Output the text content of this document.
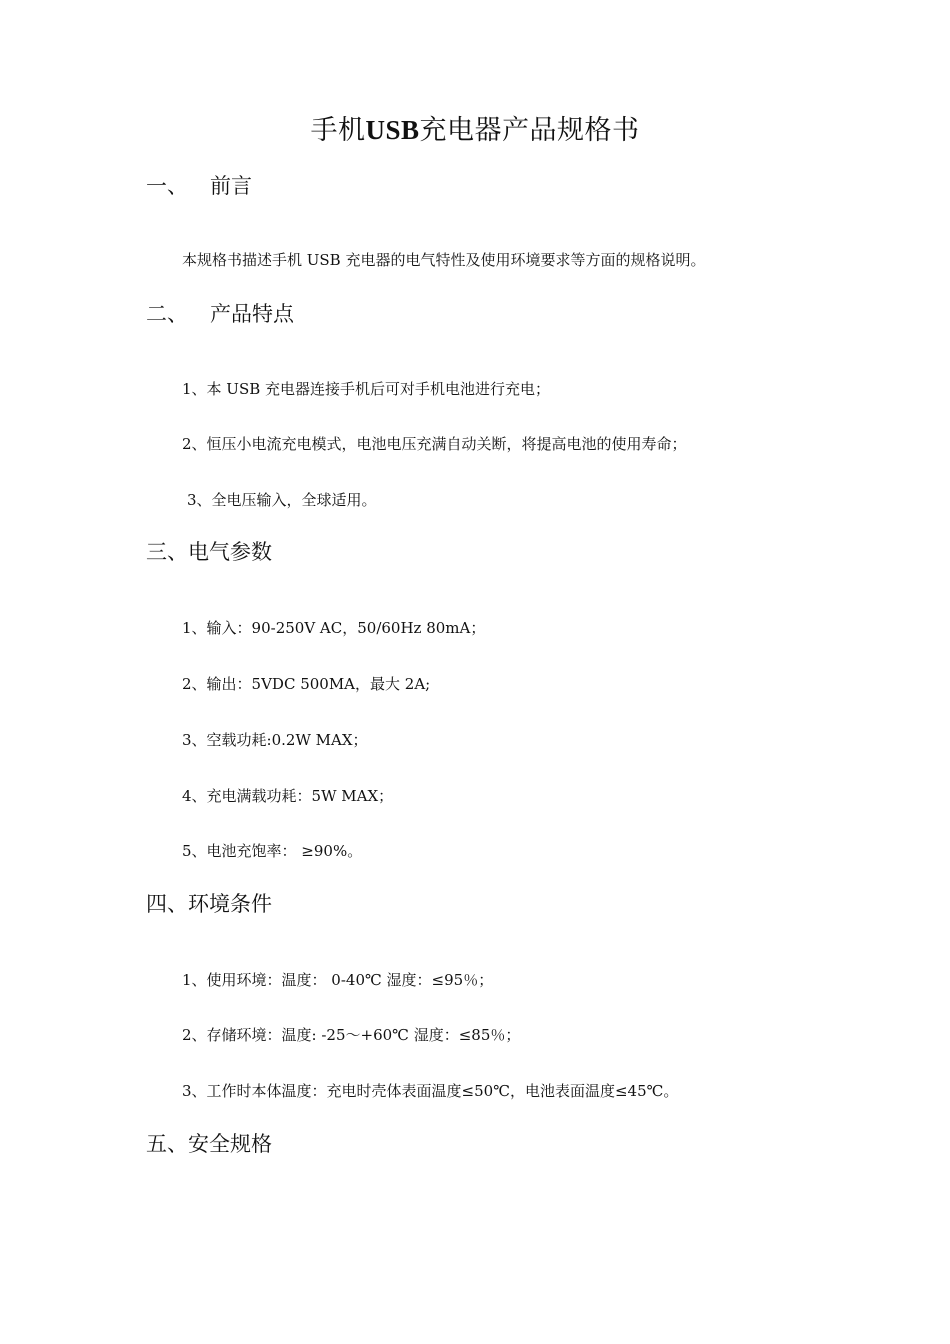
手机USB充电器产品规格书
一、 前言
本规格书描述手机 USB 充电器的电气特性及使用环境要求等方面的规格说明。
二、 产品特点
1、本 USB 充电器连接手机后可对手机电池进行充电；
2、恒压小电流充电模式，电池电压充满自动关断，将提高电池的使用寿命；
3、全电压输入，全球适用。
三、电气参数
1、输入：90-250V AC，50/60Hz 80mA；
2、输出：5VDC 500MA，最大 2A;
3、空载功耗:0.2W MAX；
4、充电满载功耗：5W MAX；
5、电池充饱率： ≥90%。
四、环境条件
1、使用环境：温度： 0-40℃ 湿度：≤95％；
2、存储环境：温度: -25～+60℃ 湿度：≤85％；
3、工作时本体温度：充电时壳体表面温度≤50℃，电池表面温度≤45℃。
五、安全规格
